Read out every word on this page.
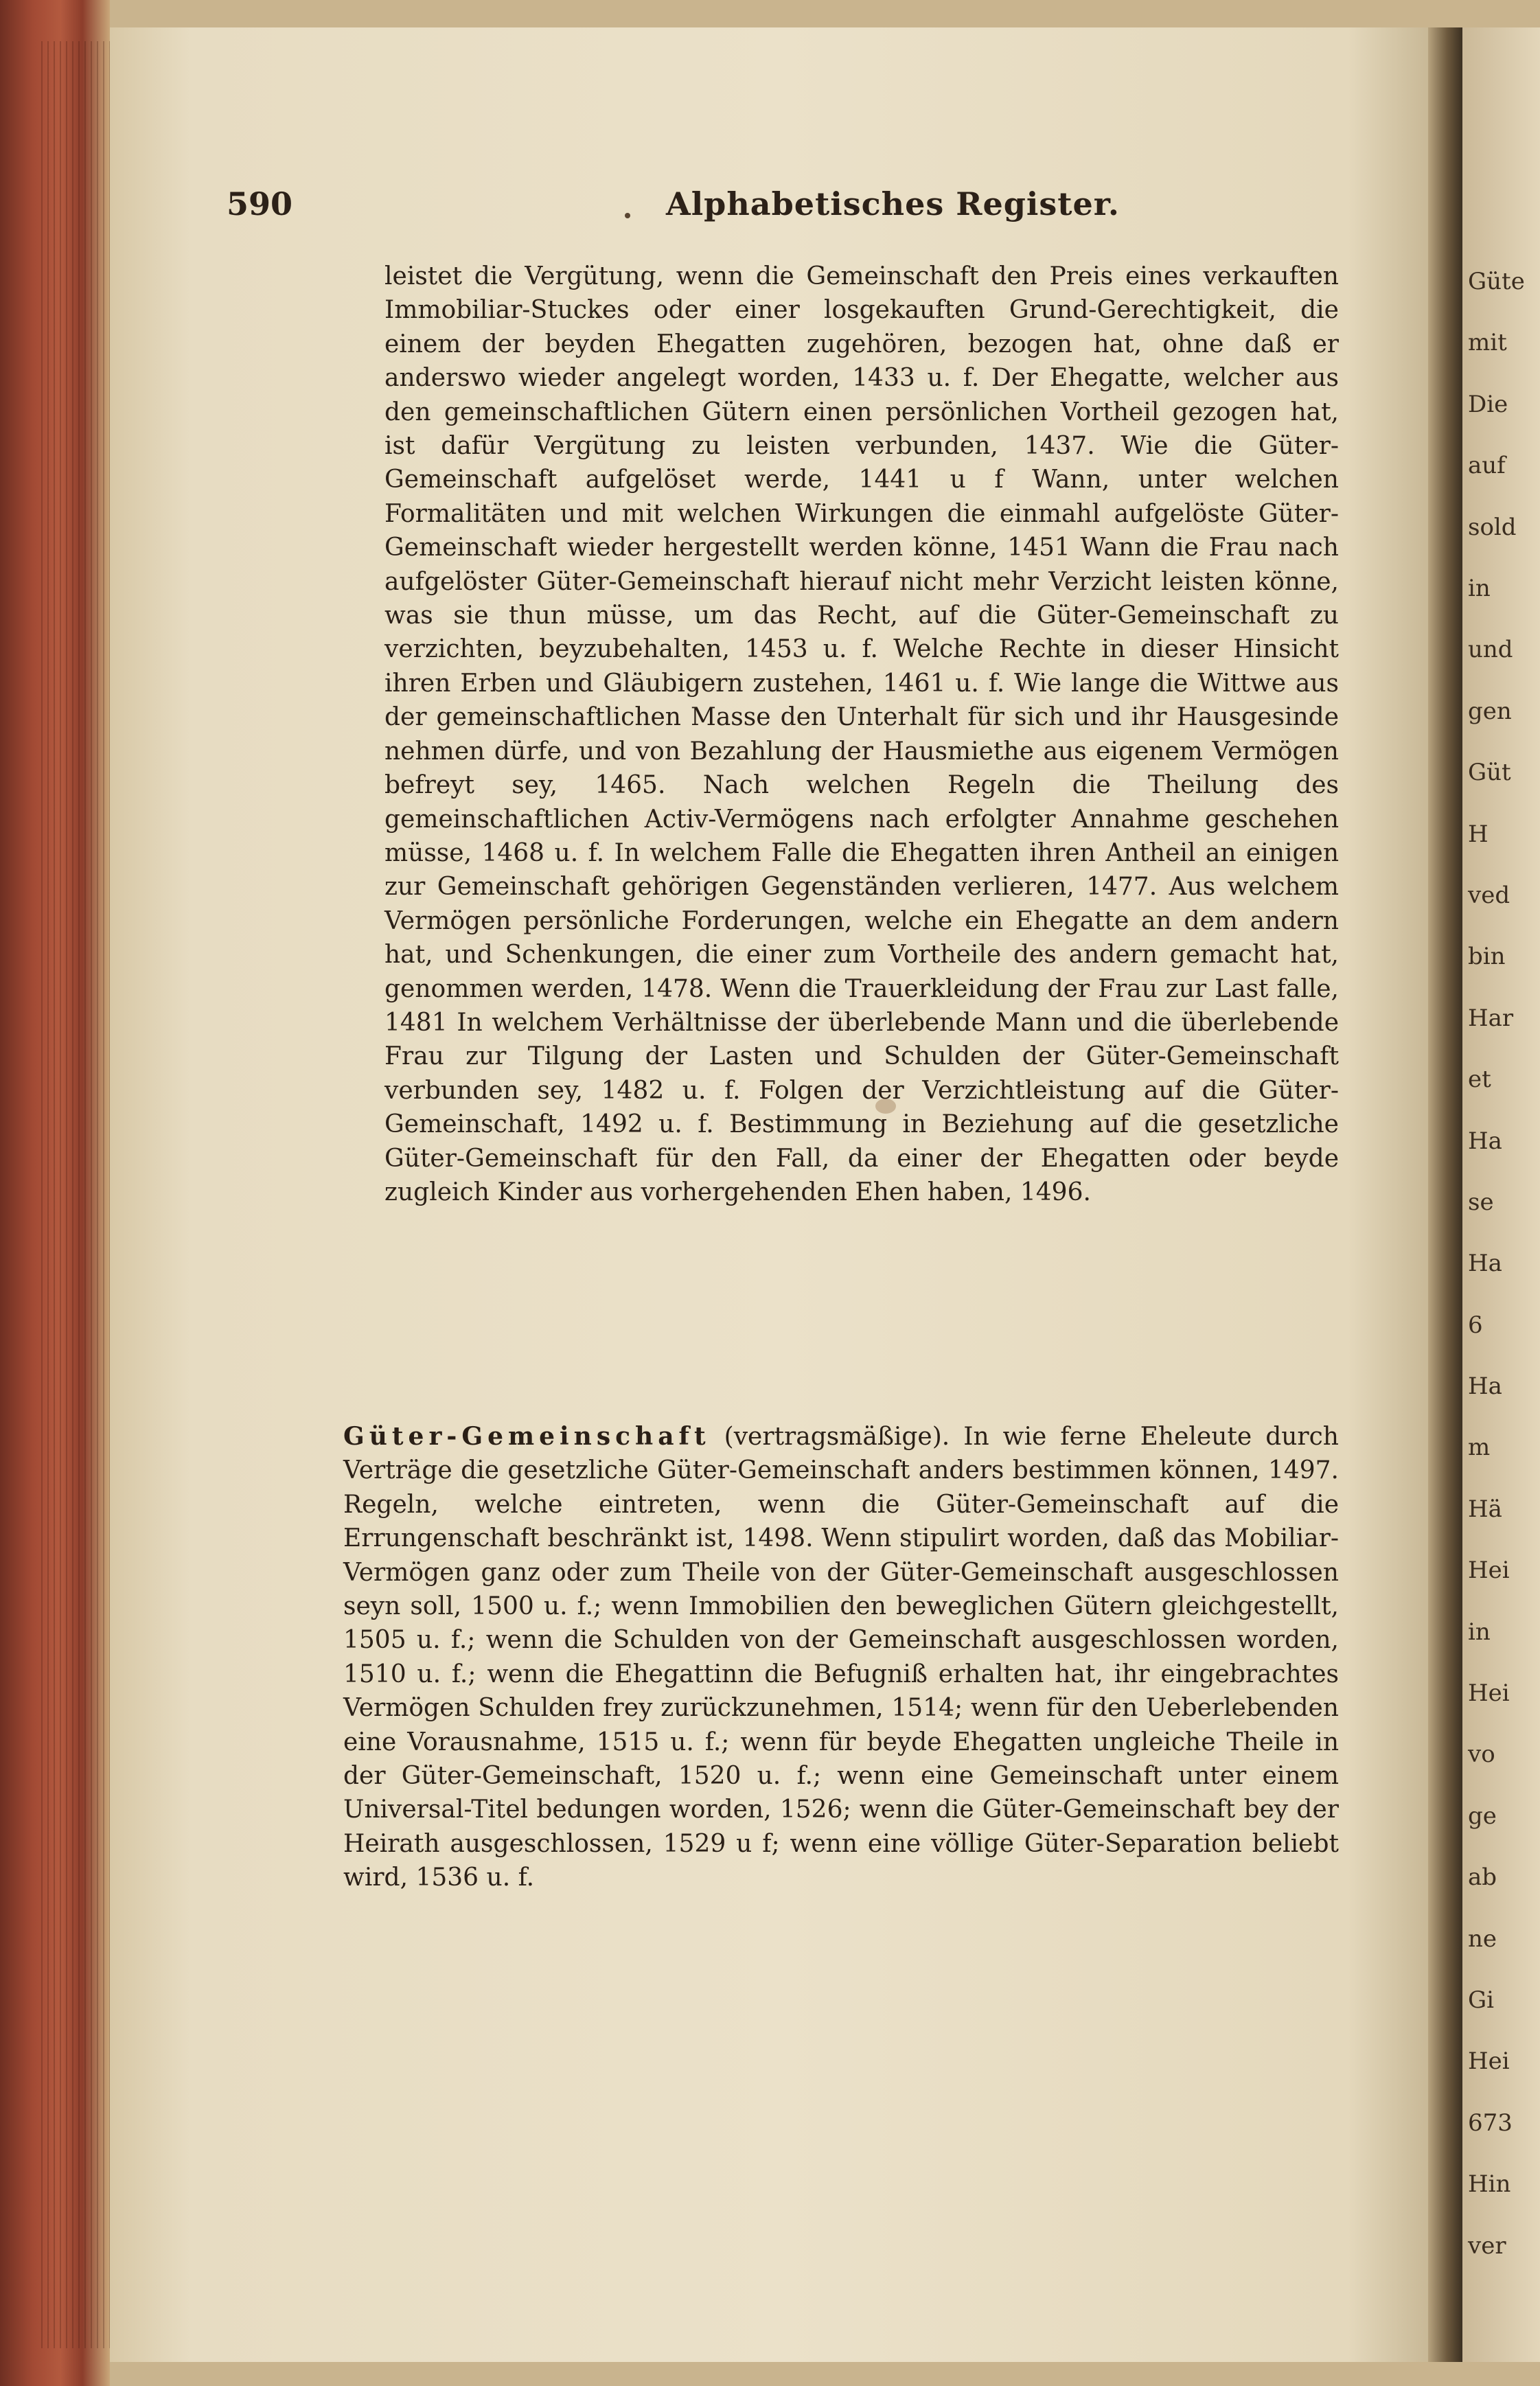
Güte
mit
Die
auf
sold
in
und
gen
Güt
H
ved
bin
Har
et
Ha
se
Ha
6
Ha
m
Hä
Hei
in
Hei
vo
ge
ab
ne
Gi
Hei
673
Hin
ver
590	Alphabetisches Register.

leistet die Vergütung, wenn die Gemeinschaft den Preis eines verkauften Immobiliar-Stuckes oder einer losgekauften Grund-Gerechtigkeit, die einem der beyden Ehegatten zugehören, bezogen hat, ohne daß er anderswo wieder angelegt worden, 1433 u. f. Der Ehegatte, welcher aus den gemeinschaftlichen Gütern einen persönlichen Vortheil gezogen hat, ist dafür Vergütung zu leisten verbunden, 1437. Wie die Güter-Gemeinschaft aufgelöset werde, 1441 u f Wann, unter welchen Formalitäten und mit welchen Wirkungen die einmahl aufgelöste Güter-Gemeinschaft wieder hergestellt werden könne, 1451 Wann die Frau nach aufgelöster Güter-Gemeinschaft hierauf nicht mehr Verzicht leisten könne, was sie thun müsse, um das Recht, auf die Güter-Gemeinschaft zu verzichten, beyzubehalten, 1453 u. f. Welche Rechte in dieser Hinsicht ihren Erben und Gläubigern zustehen, 1461 u. f. Wie lange die Wittwe aus der gemeinschaftlichen Masse den Unterhalt für sich und ihr Hausgesinde nehmen dürfe, und von Bezahlung der Hausmiethe aus eigenem Vermögen befreyt sey, 1465. Nach welchen Regeln die Theilung des gemeinschaftlichen Activ-Vermögens nach erfolgter Annahme geschehen müsse, 1468 u. f. In welchem Falle die Ehegatten ihren Antheil an einigen zur Gemeinschaft gehörigen Gegenständen verlieren, 1477. Aus welchem Vermögen persönliche Forderungen, welche ein Ehegatte an dem andern hat, und Schenkungen, die einer zum Vortheile des andern gemacht hat, genommen werden, 1478. Wenn die Trauerkleidung der Frau zur Last falle, 1481 In welchem Verhältnisse der überlebende Mann und die überlebende Frau zur Tilgung der Lasten und Schulden der Güter-Gemeinschaft verbunden sey, 1482 u. f. Folgen der Verzichtleistung auf die Güter-Gemeinschaft, 1492 u. f. Bestimmung in Beziehung auf die gesetzliche Güter-Gemeinschaft für den Fall, da einer der Ehegatten oder beyde zugleich Kinder aus vorhergehenden Ehen haben, 1496.

Güter-Gemeinschaft (vertragsmäßige). In wie ferne Eheleute durch Verträge die gesetzliche Güter-Gemeinschaft anders bestimmen können, 1497. Regeln, welche eintreten, wenn die Güter-Gemeinschaft auf die Errungenschaft beschränkt ist, 1498. Wenn stipulirt worden, daß das Mobiliar-Vermögen ganz oder zum Theile von der Güter-Gemeinschaft ausgeschlossen seyn soll, 1500 u. f.; wenn Immobilien den beweglichen Gütern gleichgestellt, 1505 u. f.; wenn die Schulden von der Gemeinschaft ausgeschlossen worden, 1510 u. f.; wenn die Ehegattinn die Befugniß erhalten hat, ihr eingebrachtes Vermögen Schulden frey zurückzunehmen, 1514; wenn für den Ueberlebenden eine Vorausnahme, 1515 u. f.; wenn für beyde Ehegatten ungleiche Theile in der Güter-Gemeinschaft, 1520 u. f.; wenn eine Gemeinschaft unter einem Universal-Titel bedungen worden, 1526; wenn die Güter-Gemeinschaft bey der Heirath ausgeschlossen, 1529 u f; wenn eine völlige Güter-Separation beliebt wird, 1536 u. f.
